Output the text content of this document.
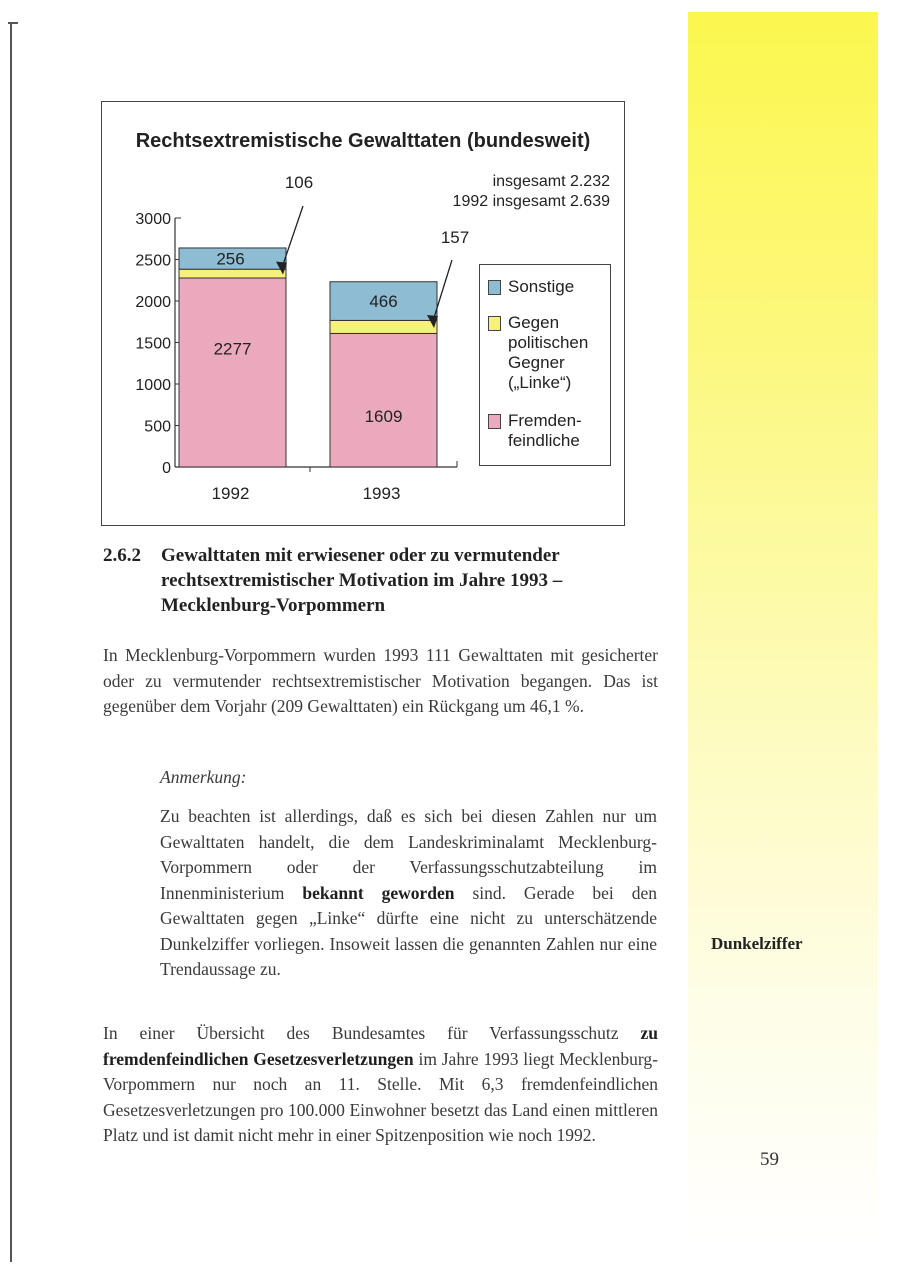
Rechtsextremistische Gewalttaten (bundesweit)
insgesamt 2.232
1992 insgesamt 2.639
0
500
1000
1500
2000
2500
3000
2277
256
1992
106
1609
466
1993
157
Sonstige
Gegen
politischen
Gegner
(„Linke“)
Fremden-
feindliche
2.6.2 Gewalttaten mit erwiesener oder zu vermutender rechtsextremistischer Motivation im Jahre 1993 – Mecklenburg-Vorpommern
In Mecklenburg-Vorpommern wurden 1993 111 Gewalttaten mit gesicherter oder zu vermutender rechtsextremistischer Motivation begangen. Das ist gegenüber dem Vorjahr (209 Gewalttaten) ein Rückgang um 46,1 %.
Anmerkung:
Zu beachten ist allerdings, daß es sich bei diesen Zahlen nur um Gewalttaten handelt, die dem Landeskriminalamt Mecklenburg-Vorpommern oder der Verfassungsschutzabteilung im Innenministerium bekannt geworden sind. Gerade bei den Gewalttaten gegen „Linke“ dürfte eine nicht zu unterschätzende Dunkelziffer vorliegen. Insoweit lassen die genannten Zahlen nur eine Trendaussage zu.
In einer Übersicht des Bundesamtes für Verfassungsschutz zu fremdenfeindlichen Gesetzesverletzungen im Jahre 1993 liegt Mecklenburg-Vorpommern nur noch an 11. Stelle. Mit 6,3 fremdenfeindlichen Gesetzesverletzungen pro 100.000 Einwohner besetzt das Land einen mittleren Platz und ist damit nicht mehr in einer Spitzenposition wie noch 1992.
Dunkelziffer
59
